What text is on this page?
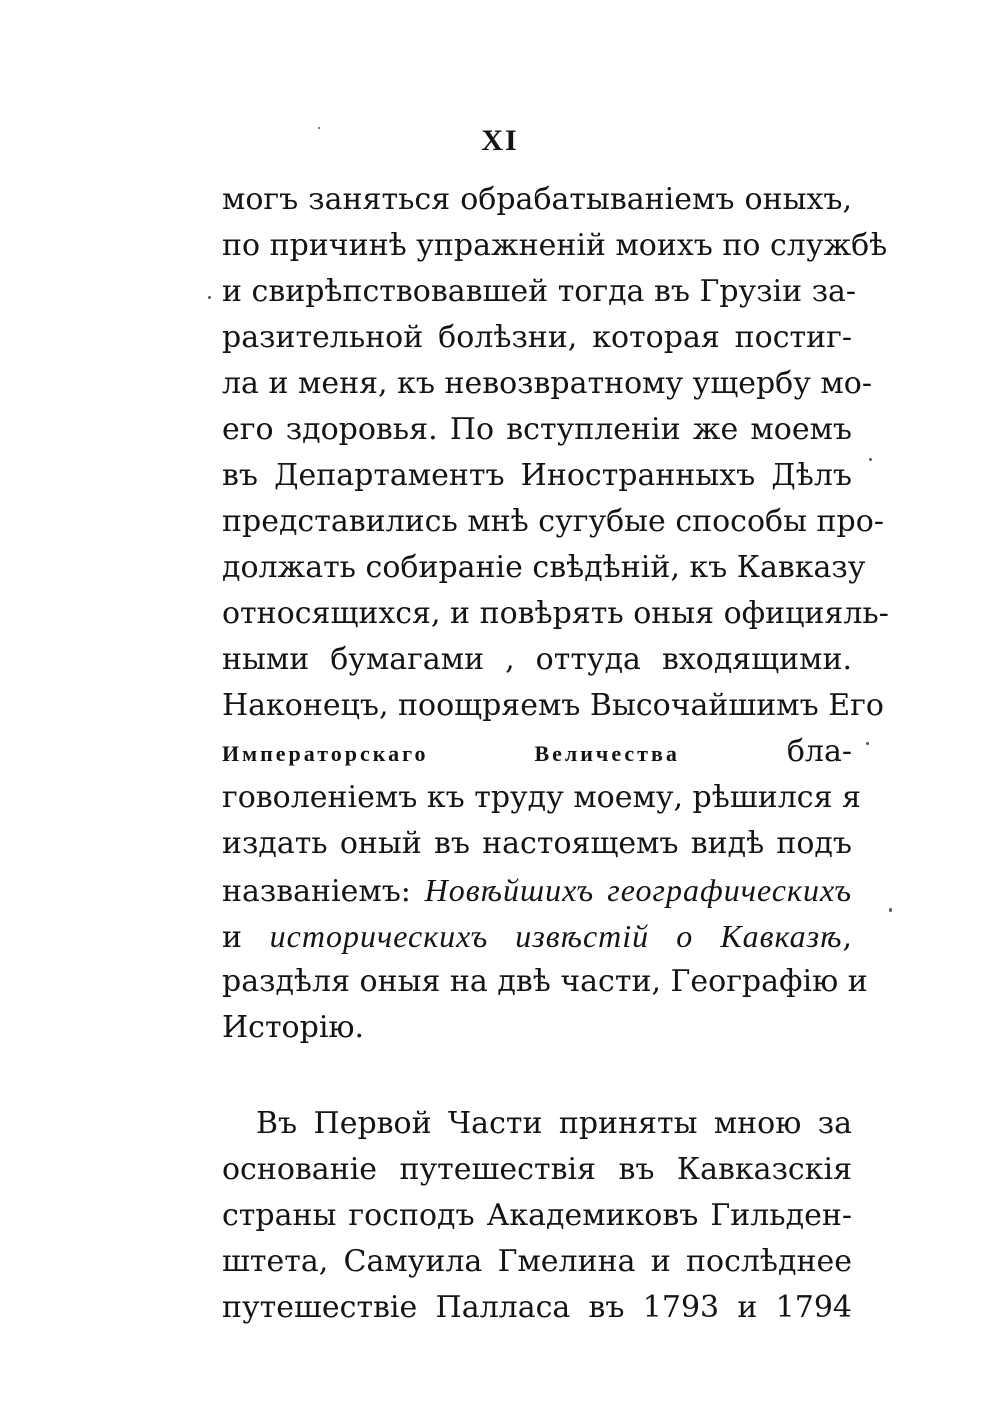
XI
могъ заняться обрабатываніемъ оныхъ,
по причинѣ упражненій моихъ по службѣ
и свирѣпствовавшей тогда въ Грузіи за-
разительной болѣзни, которая постиг-
ла и меня, къ невозвратному ущербу мо-
его здоровья. По вступленіи же моемъ
въ Департаментъ Иностранныхъ Дѣлъ
представились мнѣ сугубые способы про-
должать собираніе свѣдѣній, къ Кавказу
относящихся, и повѣрять оныя официяль-
ными бумагами , оттуда входящими.
Наконецъ, поощряемъ Высочайшимъ Его
Императорскаго Величества	бла-
говоленіемъ къ труду моему, рѣшился я
издать оный въ настоящемъ видѣ подъ
названіемъ: Новѣйшихъ географическихъ
и историческихъ извѣстій о Кавказѣ,
раздѣля оныя на двѣ части, Географію и
Исторію.
Въ Первой Части приняты мною за
основаніе путешествія въ Кавказскія
страны господъ Академиковъ Гильден-
штета, Самуила Гмелина и послѣднее
путешествіе Палласа въ 1793 и 1794
